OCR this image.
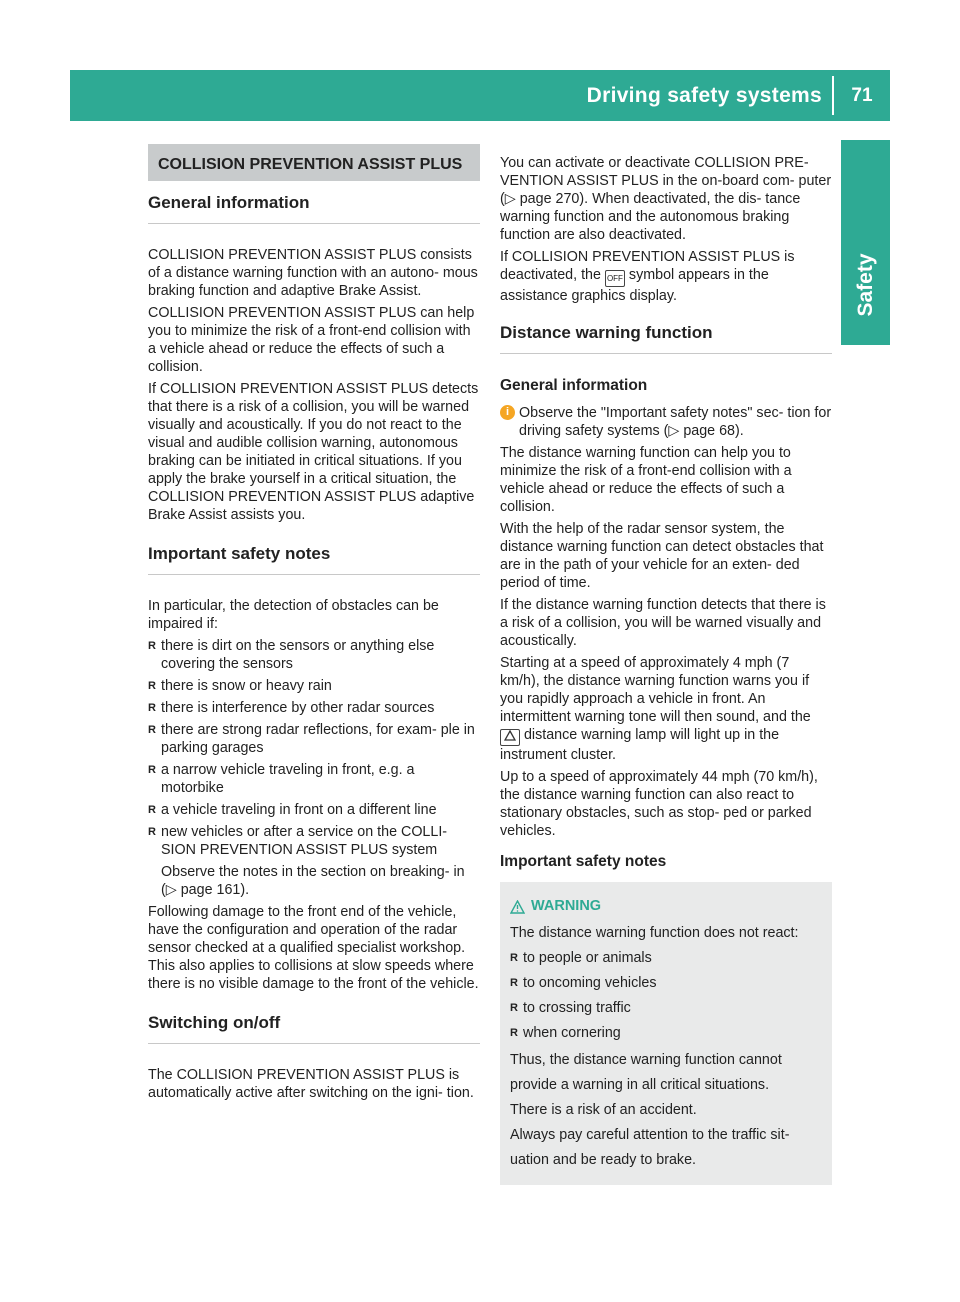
Driving safety systems	71
Safety
COLLISION PREVENTION ASSIST PLUS
General information

COLLISION PREVENTION ASSIST PLUS consists of a distance warning function with an autono- mous braking function and adaptive Brake Assist.

COLLISION PREVENTION ASSIST PLUS can help you to minimize the risk of a front-end collision with a vehicle ahead or reduce the effects of such a collision.

If COLLISION PREVENTION ASSIST PLUS detects that there is a risk of a collision, you will be warned visually and acoustically. If you do not react to the visual and audible collision warning, autonomous braking can be initiated in critical situations. If you apply the brake yourself in a critical situation, the COLLISION PREVENTION ASSIST PLUS adaptive Brake Assist assists you.

Important safety notes

In particular, the detection of obstacles can be impaired if:

R there is dirt on the sensors or anything else covering the sensors
R there is snow or heavy rain
R there is interference by other radar sources
R there are strong radar reflections, for exam- ple in parking garages
R a narrow vehicle traveling in front, e.g. a motorbike
R a vehicle traveling in front on a different line
R new vehicles or after a service on the COLLI- SION PREVENTION ASSIST PLUS system

Observe the notes in the section on breaking- in (▷ page 161).

Following damage to the front end of the vehicle, have the configuration and operation of the radar sensor checked at a qualified specialist workshop. This also applies to collisions at slow speeds where there is no visible damage to the front of the vehicle.

Switching on/off

The COLLISION PREVENTION ASSIST PLUS is automatically active after switching on the igni- tion.

You can activate or deactivate COLLISION PRE- VENTION ASSIST PLUS in the on-board com- puter (▷ page 270). When deactivated, the dis- tance warning function and the autonomous braking function are also deactivated.

If COLLISION PREVENTION ASSIST PLUS is deactivated, the OFF symbol appears in the assistance graphics display.

Distance warning function
General information

i Observe the "Important safety notes" sec- tion for driving safety systems (▷ page 68).

The distance warning function can help you to minimize the risk of a front-end collision with a vehicle ahead or reduce the effects of such a collision.

With the help of the radar sensor system, the distance warning function can detect obstacles that are in the path of your vehicle for an exten- ded period of time.

If the distance warning function detects that there is a risk of a collision, you will be warned visually and acoustically.

Starting at a speed of approximately 4 mph (7 km/h), the distance warning function warns you if you rapidly approach a vehicle in front. An intermittent warning tone will then sound, and the  distance warning lamp will light up in the instrument cluster.

Up to a speed of approximately 44 mph (70 km/h), the distance warning function can also react to stationary obstacles, such as stop- ped or parked vehicles.

Important safety notes
WARNING

The distance warning function does not react:

R to people or animals
R to oncoming vehicles
R to crossing traffic
R when cornering

Thus, the distance warning function cannot provide a warning in all critical situations.

There is a risk of an accident.

Always pay careful attention to the traffic sit- uation and be ready to brake.
